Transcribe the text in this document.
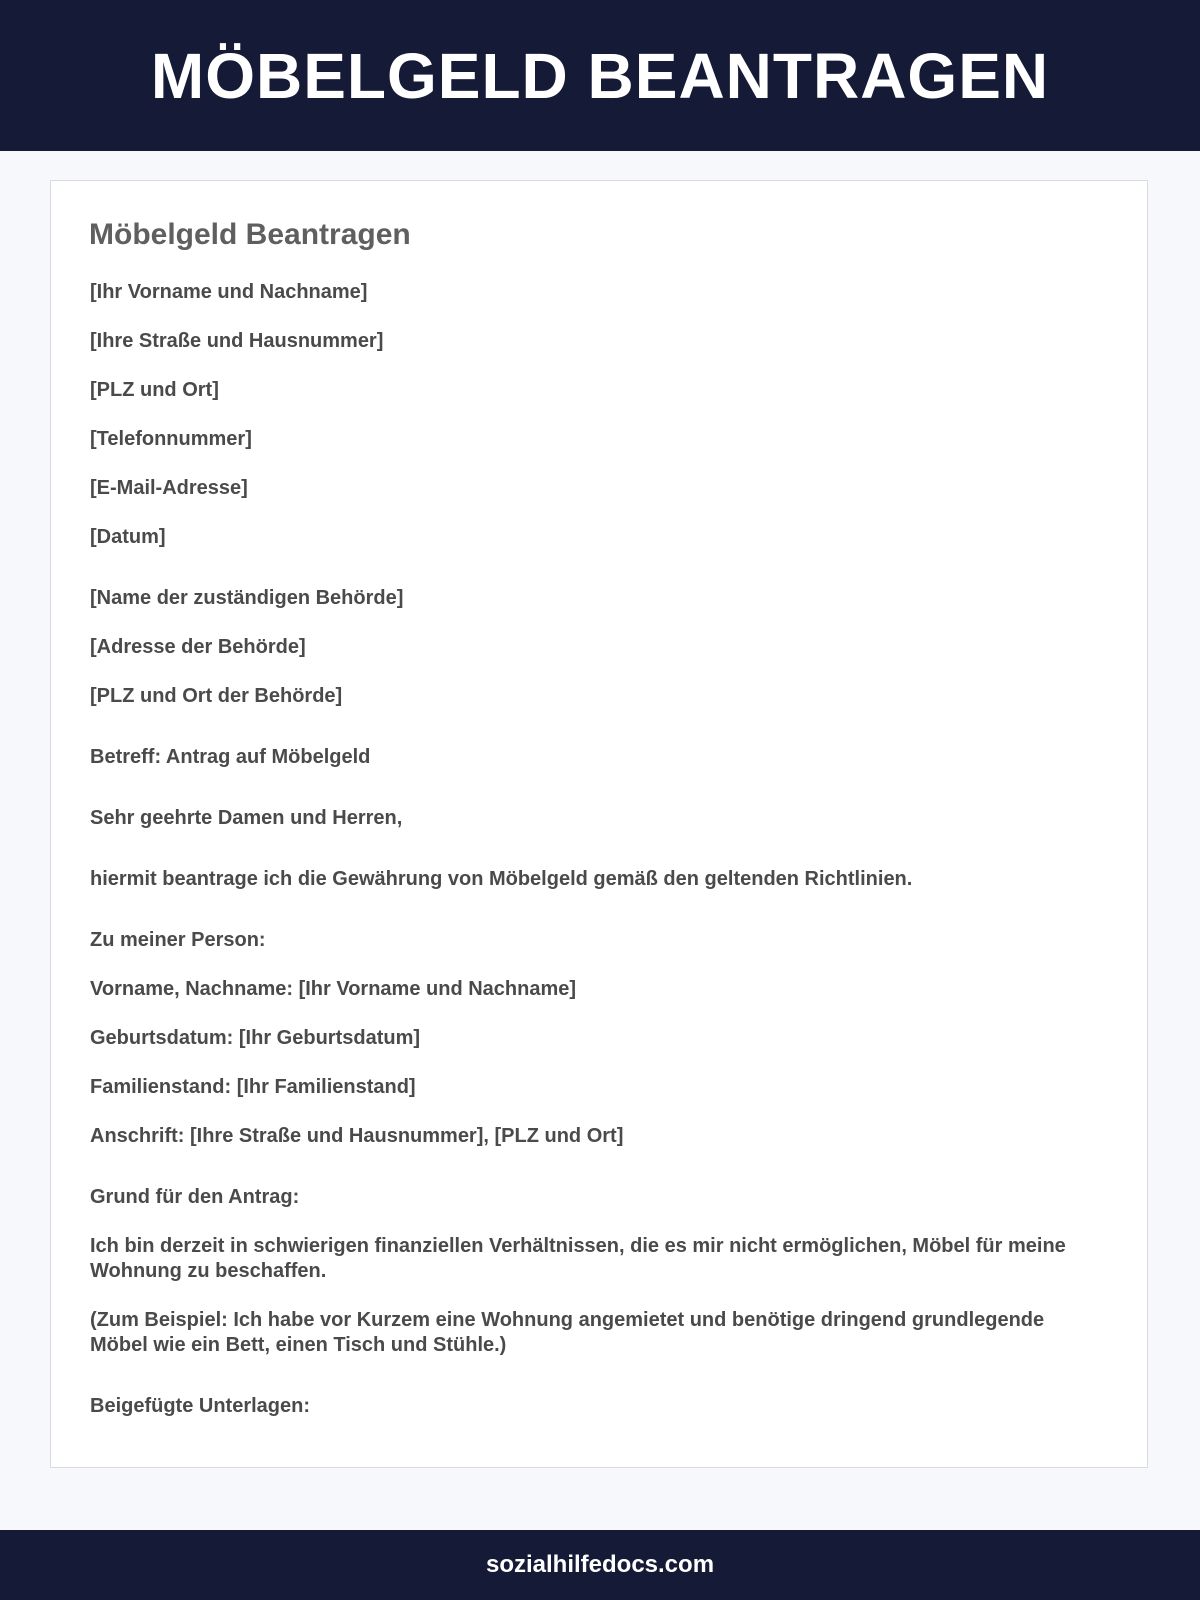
MÖBELGELD BEANTRAGEN
Möbelgeld Beantragen

[Ihr Vorname und Nachname]

[Ihre Straße und Hausnummer]

[PLZ und Ort]

[Telefonnummer]

[E-Mail-Adresse]

[Datum]

[Name der zuständigen Behörde]

[Adresse der Behörde]

[PLZ und Ort der Behörde]

Betreff: Antrag auf Möbelgeld

Sehr geehrte Damen und Herren,

hiermit beantrage ich die Gewährung von Möbelgeld gemäß den geltenden Richtlinien.

Zu meiner Person:

Vorname, Nachname: [Ihr Vorname und Nachname]

Geburtsdatum: [Ihr Geburtsdatum]

Familienstand: [Ihr Familienstand]

Anschrift: [Ihre Straße und Hausnummer], [PLZ und Ort]

Grund für den Antrag:

Ich bin derzeit in schwierigen finanziellen Verhältnissen, die es mir nicht ermöglichen, Möbel für meine Wohnung zu beschaffen.

(Zum Beispiel: Ich habe vor Kurzem eine Wohnung angemietet und benötige dringend grundlegende Möbel wie ein Bett, einen Tisch und Stühle.)

Beigefügte Unterlagen:

sozialhilfedocs.com
